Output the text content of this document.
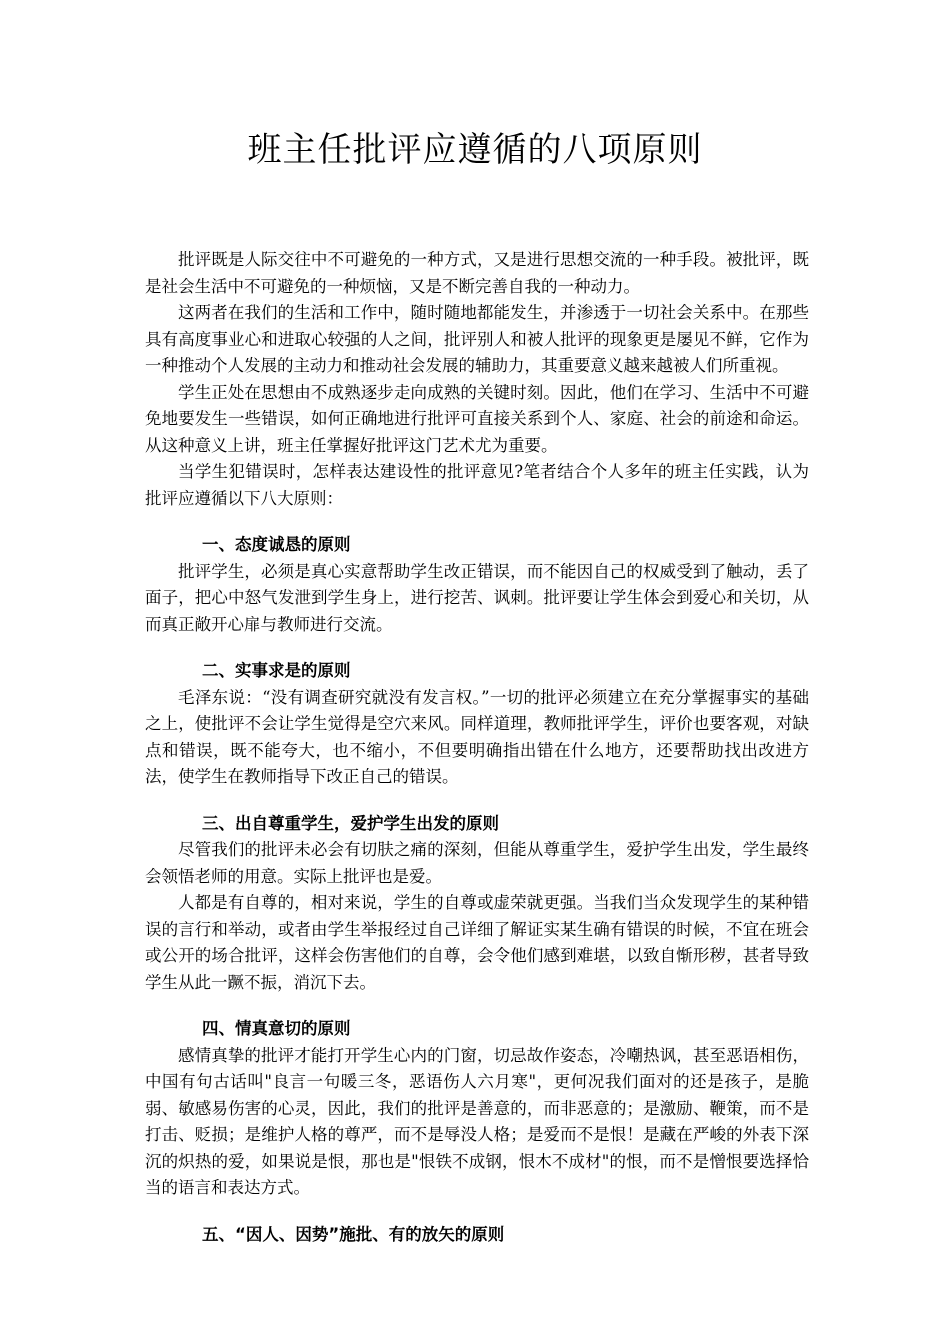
班主任批评应遵循的八项原则

批评既是人际交往中不可避免的一种方式，又是进行思想交流的一种手段。被批评，既是社会生活中不可避免的一种烦恼，又是不断完善自我的一种动力。

这两者在我们的生活和工作中，随时随地都能发生，并渗透于一切社会关系中。在那些具有高度事业心和进取心较强的人之间，批评别人和被人批评的现象更是屡见不鲜，它作为一种推动个人发展的主动力和推动社会发展的辅助力，其重要意义越来越被人们所重视。

学生正处在思想由不成熟逐步走向成熟的关键时刻。因此，他们在学习、生活中不可避免地要发生一些错误，如何正确地进行批评可直接关系到个人、家庭、社会的前途和命运。从这种意义上讲，班主任掌握好批评这门艺术尤为重要。

当学生犯错误时，怎样表达建设性的批评意见?笔者结合个人多年的班主任实践，认为批评应遵循以下八大原则：

一、态度诚恳的原则

批评学生，必须是真心实意帮助学生改正错误，而不能因自己的权威受到了触动，丢了面子，把心中怒气发泄到学生身上，进行挖苦、讽刺。批评要让学生体会到爱心和关切，从而真正敞开心扉与教师进行交流。

二、实事求是的原则

毛泽东说：“没有调查研究就没有发言权。”一切的批评必须建立在充分掌握事实的基础之上，使批评不会让学生觉得是空穴来风。同样道理，教师批评学生，评价也要客观，对缺点和错误，既不能夸大，也不缩小，不但要明确指出错在什么地方，还要帮助找出改进方法，使学生在教师指导下改正自己的错误。

三、出自尊重学生，爱护学生出发的原则

尽管我们的批评未必会有切肤之痛的深刻，但能从尊重学生，爱护学生出发，学生最终会领悟老师的用意。实际上批评也是爱。

人都是有自尊的，相对来说，学生的自尊或虚荣就更强。当我们当众发现学生的某种错误的言行和举动，或者由学生举报经过自己详细了解证实某生确有错误的时候，不宜在班会或公开的场合批评，这样会伤害他们的自尊，会令他们感到难堪，以致自惭形秽，甚者导致学生从此一蹶不振，消沉下去。

四、情真意切的原则

感情真挚的批评才能打开学生心内的门窗，切忌故作姿态，冷嘲热讽，甚至恶语相伤，中国有句古话叫"良言一句暖三冬，恶语伤人六月寒"，更何况我们面对的还是孩子，是脆弱、敏感易伤害的心灵，因此，我们的批评是善意的，而非恶意的；是激励、鞭策，而不是打击、贬损；是维护人格的尊严，而不是辱没人格；是爱而不是恨！是藏在严峻的外表下深沉的炽热的爱，如果说是恨，那也是"恨铁不成钢，恨木不成材"的恨，而不是憎恨要选择恰当的语言和表达方式。

五、“因人、因势”施批、有的放矢的原则
